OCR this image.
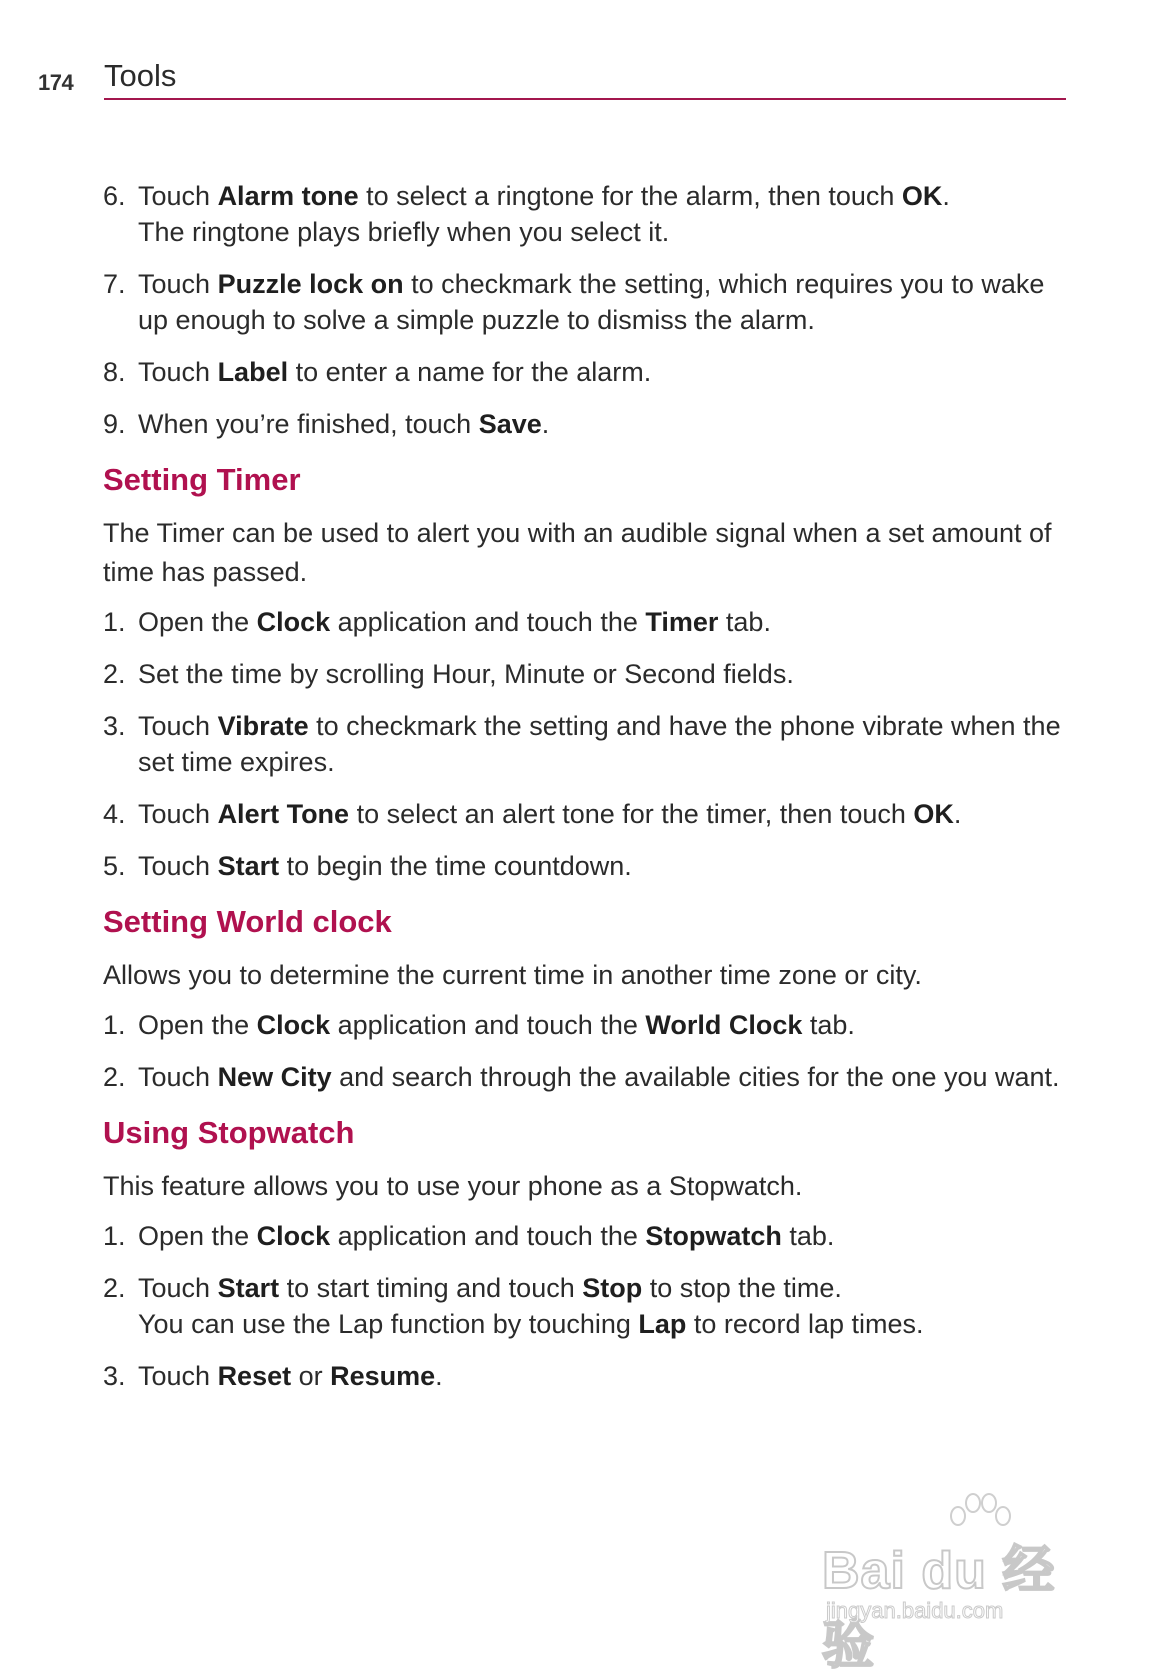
174 Tools
6. Touch Alarm tone to select a ringtone for the alarm, then touch OK.
The ringtone plays briefly when you select it.
7. Touch Puzzle lock on to checkmark the setting, which requires you to wake up enough to solve a simple puzzle to dismiss the alarm.
8. Touch Label to enter a name for the alarm.
9. When you’re finished, touch Save.
Setting Timer

The Timer can be used to alert you with an audible signal when a set amount of time has passed.

1. Open the Clock application and touch the Timer tab.
2. Set the time by scrolling Hour, Minute or Second fields.
3. Touch Vibrate to checkmark the setting and have the phone vibrate when the set time expires.
4. Touch Alert Tone to select an alert tone for the timer, then touch OK.
5. Touch Start to begin the time countdown.
Setting World clock

Allows you to determine the current time in another time zone or city.

1. Open the Clock application and touch the World Clock tab.
2. Touch New City and search through the available cities for the one you want.
Using Stopwatch

This feature allows you to use your phone as a Stopwatch.

1. Open the Clock application and touch the Stopwatch tab.
2. Touch Start to start timing and touch Stop to stop the time.
You can use the Lap function by touching Lap to record lap times.
3. Touch Reset or Resume.
Bai du 经验
jingyan.baidu.com
